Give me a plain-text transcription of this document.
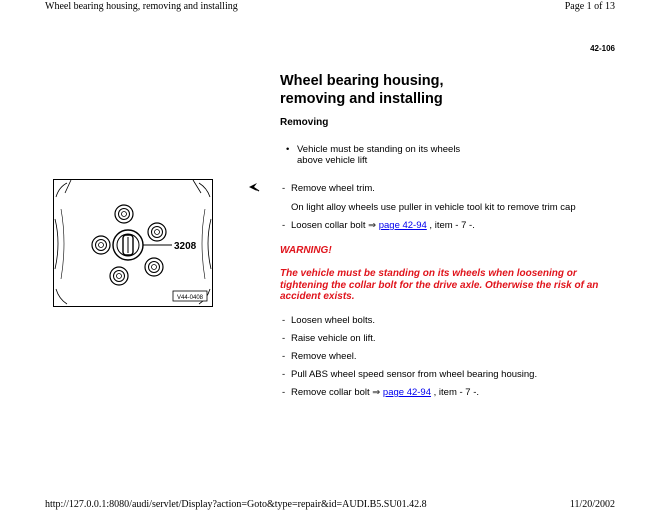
Wheel bearing housing, removing and installing	Page 1 of 13
42-106
Wheel bearing housing,
removing and installing
Removing
• Vehicle must be standing on its wheels
above vehicle lift
3208
V44-0408
- Remove wheel trim.
On light alloy wheels use puller in vehicle tool kit to remove trim cap
- Loosen collar bolt ⇒ page 42-94 , item - 7 -.
WARNING!
The vehicle must be standing on its wheels when loosening or tightening the collar bolt for the drive axle. Otherwise the risk of an accident exists.
- Loosen wheel bolts.
- Raise vehicle on lift.
- Remove wheel.
- Pull ABS wheel speed sensor from wheel bearing housing.
- Remove collar bolt ⇒ page 42-94 , item - 7 -.
http://127.0.0.1:8080/audi/servlet/Display?action=Goto&type=repair&id=AUDI.B5.SU01.42.8	11/20/2002
